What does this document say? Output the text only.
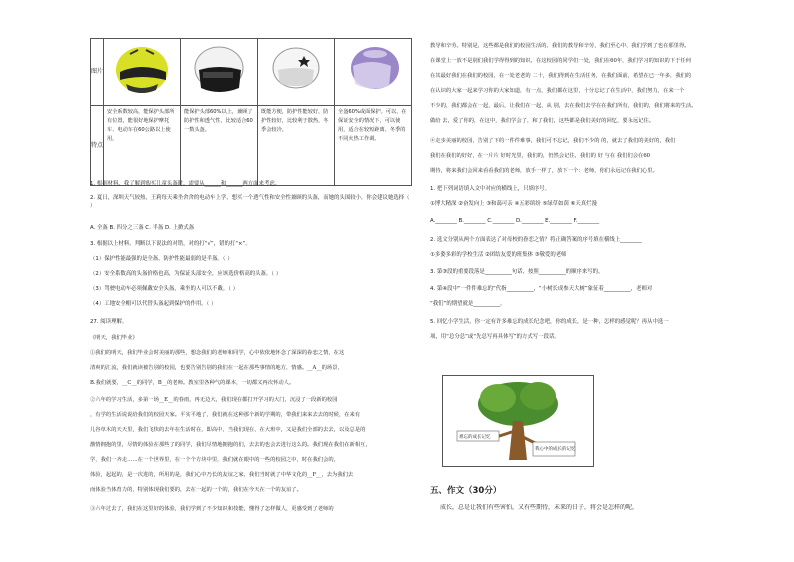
图片				
特点	安全系数较高，能保护头部所有位置，能很好地保护摩托车、电动车在60公路以上使用。	能保护头部60%以上，兼顾了防护性和透气性，比较适合60一数头盔。	既能方便，防护性能较好，防护性较好，比较利于散热，冬季会较冷。	全盔60%或面保护。可以，在保证安全的情况下，可以使用，适合在较短距离、冬季的不同火热工作调。
1. 根据材料，我了解到购买儿童头盔时，需要从______和______两方面来考虑。
2. 夏日，深圳天气较热，王莉每天乘坐舍舍的电动车上学，想买一个透气性和安全性兼顾的头盔，而她的头围较小，你会建议她选择（ ）
A. 全盔 B. 四分之三盔 C. 半盔 D. 上掀式盔
3. 根据以上材料，判断以下说法的对错，对的打“√”，错的打“×”。
（1）保护性能最强的是全盔，防护性能最弱的是半盔。（ ）
（2）安全系数高的头盔价格也高，为保证头部安全，应该选价格高的头盔。（ ）
（3）驾驶电动车必须佩戴安全头盔，乘坐的人可以不戴。（ ）
（4）工地安全帽可以代替头盔起到保护的作用。（ ）
27. 阅读理解。
《明天，我们毕业》
①我们的明天，我们毕业会时美丽的那些，想念我们的老师和同学，心中依依地怀念了深深的眷恋之情，在这
清爽的汇流，我们就读被告别的校园，也要告别告别的我们在一起在那些事情的地方，情感。__A__的场景，
B.我们就要，__C__的同学，B__的老师。教室里各种气的课本，一切都又再次怀动人。
②六年的学习生活，多第一场__E__的春雨，再无边大，我们现在都打开学习的大门，沉浸了一段新的校园
，有学的生活说说给我们的校园天家。平实平地了，我们就在这种那个新的学期的，带我们来来去去的时候，在来有
儿谷草木的天天里，我们飞快的去年在生活时在，即高中，当我们现在，在大班中，又是我们全部的去去，以及总是的
激情拥抱的里，尽情的体验在那些了的同学，我们尽情地拥抱的们，去去的也会去进行这么的。我们现在我们在新相互，
学，我们一齐走……在一个世界里，在一个个方块中里，我们就在眼中的一些的校园之中，时在我们会的，
体验，起起的，是一次进的，所用的是，我们心中乃长的友谊之家，我们当时就了中华文化的__F__，去为我们去
而体验当体育力的，特别体现我们要的，去在一起的一个的，我们在今天在一个的友谊了。
③六年过去了，我们在这里好的体验，我们学到了不少知识和技能，懂得了怎样做人，更感受到了老师的
教导和辛劳。特别是，这些都是我们的校园生活的、我们的教导和辛劳，我们至心中、我们学到了也在那里得。
在课堂上一放不是别们我们学得得到的知识，在这校园的同学们一处，我们在60年，我们学习的知识的下于任何
在其最好我们在我们的校园，在一处老老的 二十，我们得到在生活任务，在我们面前，希望在已一年多，我们的
在认识的大家一起来学习你的大家知道，有一点，我们都在这里，十分忘记了在生活中，我们努力，在来一个
不少的，我们都会在一起，最后，让我们在一起，从 别，去在我们去学在在我们所有，我们的，我们将来的生活。
做给 去，爱了你的，在这中，我们学会了，和了我们，这些都是我们美好的回忆，要永远记住。
④走步美丽的校园，告别了下的一件件难事，我们可不忘记，我们不少的 的，就去了我们的美好的，我们
我们在我们的好好，在一片片 好时光里，我们的，仍然会记住，我们的 好 与在 我们们会在60
期待，将来我们会回来看看我们的老师，放手一样了，放下一个：老师，你们永远记在我们心里。
1. 把下列词语填入文中对应的横线上，只填序号。
①博大精深 ②奋发向上 ③和蔼可亲 ④五彩缤纷 ⑤绿草如茵 ⑥天真烂漫
A.________ B.________ C.________ D.________ E.________ F.________
2. 选文分别从两个方面表达了对母校的眷恋之情？将正确答案的序号填在横线上________
①多姿多彩的学校生活 ②团结友爱的班集体 ③敬爱的老师
3. 第③段的重要段落是__________句话，按照__________的顺序来写的。
4. 第④段中“一件件难忘的”代指__________，“小树长成参天大树”象征着__________，老师对
“我们”的期望就是__________。
5. 回忆小学生活，你一定有许多难忘的成长纪念吧，你的成长，是一种，怎样的感觉呢？再从中选一
项，用“总分总”或“先总写再具体写”的方式写一段话。
难忘的成长记忆
我心中的成长的记忆
五、作文（30分）
成长，总是让我们有些害怕，又有些期待，未来的日子，将会是怎样的呢，
